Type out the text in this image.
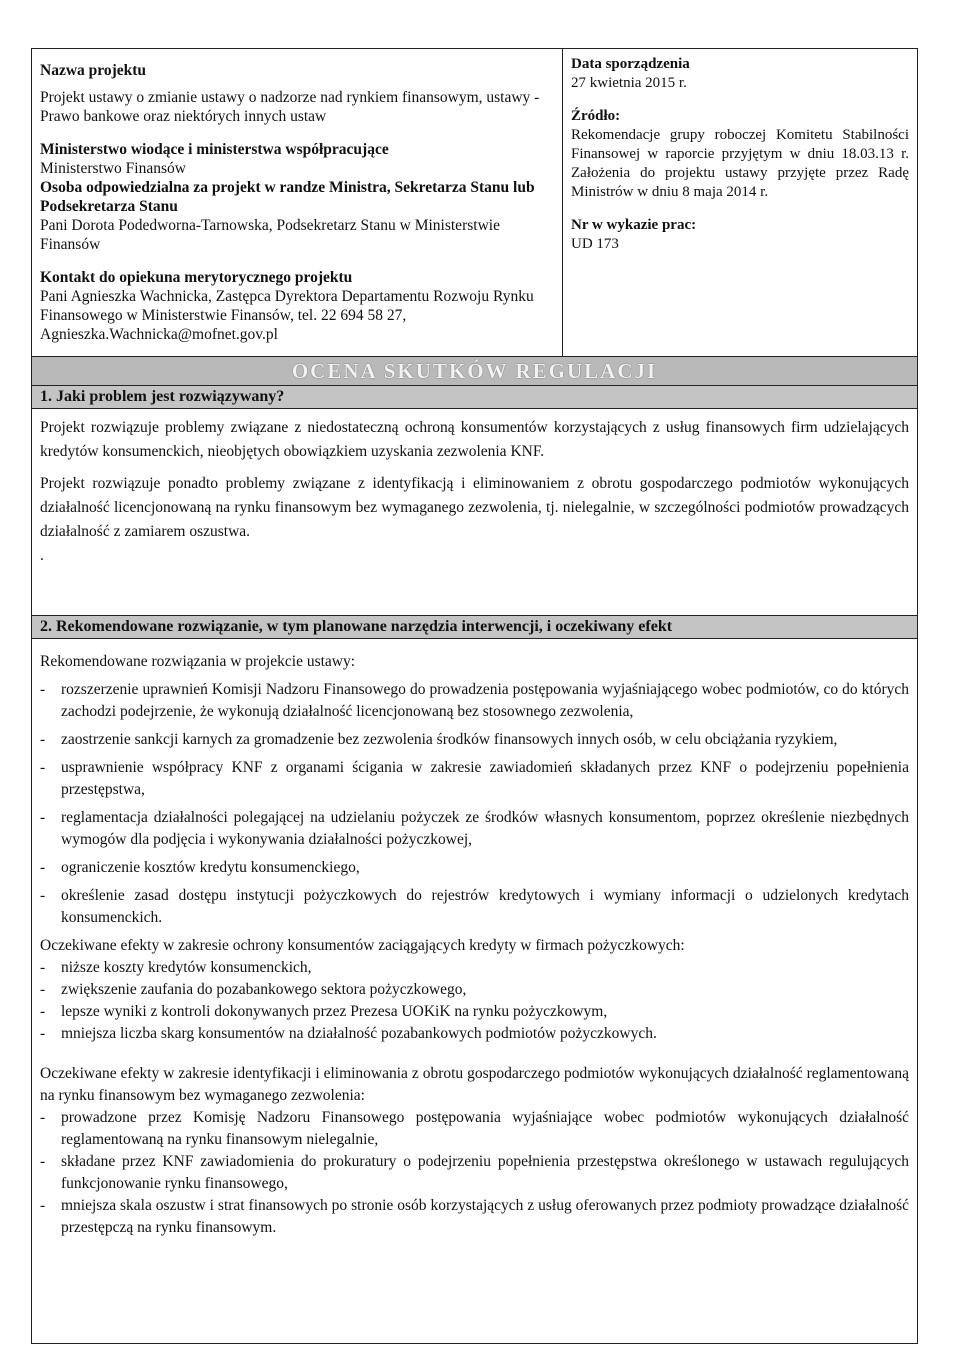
Nazwa projektu

Projekt ustawy o zmianie ustawy o nadzorze nad rynkiem finansowym, ustawy - Prawo bankowe oraz niektórych innych ustaw

Ministerstwo wiodące i ministerstwa współpracujące

Ministerstwo Finansów

Osoba odpowiedzialna za projekt w randze Ministra, Sekretarza Stanu lub Podsekretarza Stanu

Pani Dorota Podedworna-Tarnowska, Podsekretarz Stanu w Ministerstwie Finansów

Kontakt do opiekuna merytorycznego projektu

Pani Agnieszka Wachnicka, Zastępca Dyrektora Departamentu Rozwoju Rynku Finansowego w Ministerstwie Finansów, tel. 22 694 58 27, Agnieszka.Wachnicka@mofnet.gov.pl

Data sporządzenia

27 kwietnia 2015 r.

Źródło:

Rekomendacje grupy roboczej Komitetu Stabilności Finansowej w raporcie przyjętym w dniu 18.03.13 r. Założenia do projektu ustawy przyjęte przez Radę Ministrów w dniu 8 maja 2014 r.

Nr w wykazie prac:

UD 173

OCENA SKUTKÓW REGULACJI
1. Jaki problem jest rozwiązywany?

Projekt rozwiązuje problemy związane z niedostateczną ochroną konsumentów korzystających z usług finansowych firm udzielających kredytów konsumenckich, nieobjętych obowiązkiem uzyskania zezwolenia KNF.

Projekt rozwiązuje ponadto problemy związane z identyfikacją i eliminowaniem z obrotu gospodarczego podmiotów wykonujących działalność licencjonowaną na rynku finansowym bez wymaganego zezwolenia, tj. nielegalnie, w szczególności podmiotów prowadzących działalność z zamiarem oszustwa.

.

2. Rekomendowane rozwiązanie, w tym planowane narzędzia interwencji, i oczekiwany efekt

Rekomendowane rozwiązania w projekcie ustawy:

- rozszerzenie uprawnień Komisji Nadzoru Finansowego do prowadzenia postępowania wyjaśniającego wobec podmiotów, co do których zachodzi podejrzenie, że wykonują działalność licencjonowaną bez stosownego zezwolenia,
- zaostrzenie sankcji karnych za gromadzenie bez zezwolenia środków finansowych innych osób, w celu obciążania ryzykiem,
- usprawnienie współpracy KNF z organami ścigania w zakresie zawiadomień składanych przez KNF o podejrzeniu popełnienia przestępstwa,
- reglamentacja działalności polegającej na udzielaniu pożyczek ze środków własnych konsumentom, poprzez określenie niezbędnych wymogów dla podjęcia i wykonywania działalności pożyczkowej,
- ograniczenie kosztów kredytu konsumenckiego,
- określenie zasad dostępu instytucji pożyczkowych do rejestrów kredytowych i wymiany informacji o udzielonych kredytach konsumenckich.

Oczekiwane efekty w zakresie ochrony konsumentów zaciągających kredyty w firmach pożyczkowych:

- niższe koszty kredytów konsumenckich,
- zwiększenie zaufania do pozabankowego sektora pożyczkowego,
- lepsze wyniki z kontroli dokonywanych przez Prezesa UOKiK na rynku pożyczkowym,
- mniejsza liczba skarg konsumentów na działalność pozabankowych podmiotów pożyczkowych.

Oczekiwane efekty w zakresie identyfikacji i eliminowania z obrotu gospodarczego podmiotów wykonujących działalność reglamentowaną na rynku finansowym bez wymaganego zezwolenia:

- prowadzone przez Komisję Nadzoru Finansowego postępowania wyjaśniające wobec podmiotów wykonujących działalność reglamentowaną na rynku finansowym nielegalnie,
- składane przez KNF zawiadomienia do prokuratury o podejrzeniu popełnienia przestępstwa określonego w ustawach regulujących funkcjonowanie rynku finansowego,
- mniejsza skala oszustw i strat finansowych po stronie osób korzystających z usług oferowanych przez podmioty prowadzące działalność przestępczą na rynku finansowym.
